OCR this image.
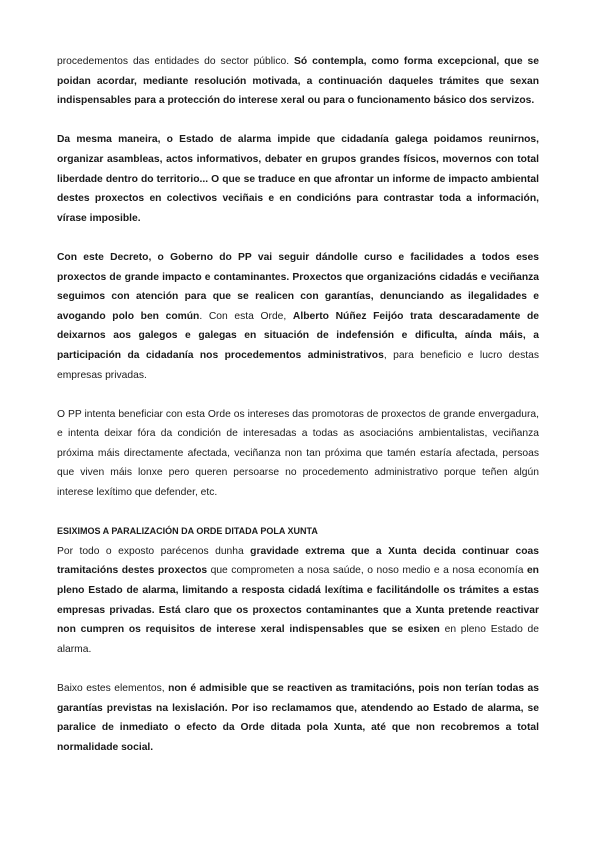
procedementos das entidades do sector público. Só contempla, como forma excepcional, que se poidan acordar, mediante resolución motivada, a continuación daqueles trámites que sexan indispensables para a protección do interese xeral ou para o funcionamento básico dos servizos.

Da mesma maneira, o Estado de alarma impide que cidadanía galega poidamos reunirnos, organizar asambleas, actos informativos, debater en grupos grandes físicos, movernos con total liberdade dentro do territorio... O que se traduce en que afrontar un informe de impacto ambiental destes proxectos en colectivos veciñais e en condicións para contrastar toda a información, vírase imposible.

Con este Decreto, o Goberno do PP vai seguir dándolle curso e facilidades a todos eses proxectos de grande impacto e contaminantes. Proxectos que organizacións cidadás e veciñanza seguimos con atención para que se realicen con garantías, denunciando as ilegalidades e avogando polo ben común. Con esta Orde, Alberto Núñez Feijóo trata descaradamente de deixarnos aos galegos e galegas en situación de indefensión e dificulta, aínda máis, a participación da cidadanía nos procedementos administrativos, para beneficio e lucro destas empresas privadas.

O PP intenta beneficiar con esta Orde os intereses das promotoras de proxectos de grande envergadura, e intenta deixar fóra da condición de interesadas a todas as asociacións ambientalistas, veciñanza próxima máis directamente afectada, veciñanza non tan próxima que tamén estaría afectada, persoas que viven máis lonxe pero queren persoarse no procedemento administrativo porque teñen algún interese lexítimo que defender, etc.

ESIXIMOS A PARALIZACIÓN DA ORDE DITADA POLA XUNTA

Por todo o exposto parécenos dunha gravidade extrema que a Xunta decida continuar coas tramitacións destes proxectos que comprometen a nosa saúde, o noso medio e a nosa economía en pleno Estado de alarma, limitando a resposta cidadá lexítima e facilitándolle os trámites a estas empresas privadas. Está claro que os proxectos contaminantes que a Xunta pretende reactivar non cumpren os requisitos de interese xeral indispensables que se esixen en pleno Estado de alarma.

Baixo estes elementos, non é admisible que se reactiven as tramitacións, pois non terían todas as garantías previstas na lexislación. Por iso reclamamos que, atendendo ao Estado de alarma, se paralice de inmediato o efecto da Orde ditada pola Xunta, até que non recobremos a total normalidade social.
